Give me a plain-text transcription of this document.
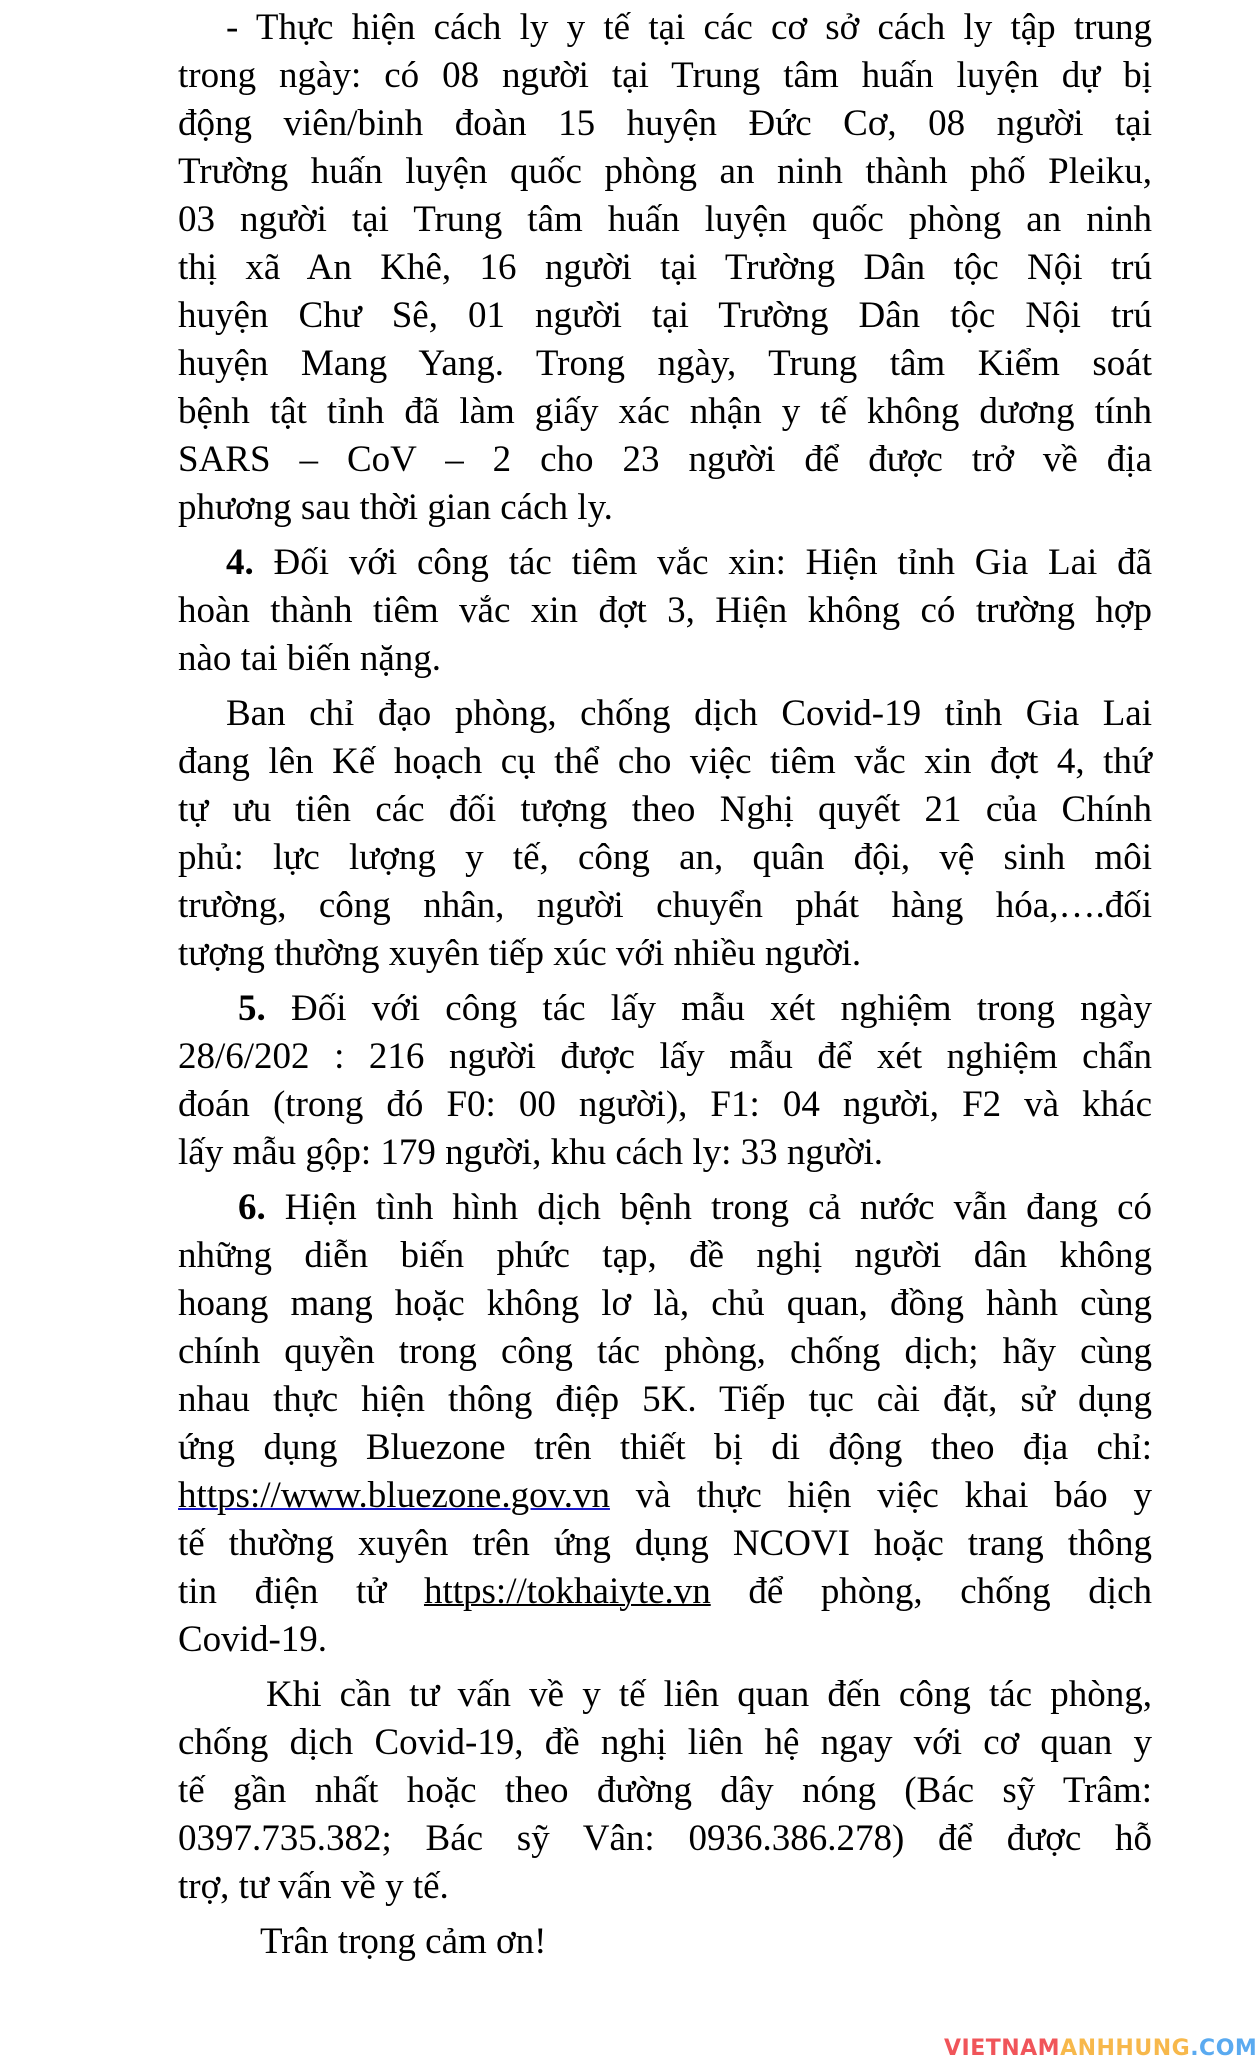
- Thực hiện cách ly y tế tại các cơ sở cách ly tập trung
trong ngày: có 08 người tại Trung tâm huấn luyện dự bị
động viên/binh đoàn 15 huyện Đức Cơ, 08 người tại
Trường huấn luyện quốc phòng an ninh thành phố Pleiku,
03 người tại Trung tâm huấn luyện quốc phòng an ninh
thị xã An Khê, 16 người tại Trường Dân tộc Nội trú
huyện Chư Sê, 01 người tại Trường Dân tộc Nội trú
huyện Mang Yang. Trong ngày, Trung tâm Kiểm soát
bệnh tật tỉnh đã làm giấy xác nhận y tế không dương tính
SARS – CoV – 2 cho 23 người để được trở về địa
phương sau thời gian cách ly.
4. Đối với công tác tiêm vắc xin: Hiện tỉnh Gia Lai đã
hoàn thành tiêm vắc xin đợt 3, Hiện không có trường hợp
nào tai biến nặng.
Ban chỉ đạo phòng, chống dịch Covid-19 tỉnh Gia Lai
đang lên Kế hoạch cụ thể cho việc tiêm vắc xin đợt 4, thứ
tự ưu tiên các đối tượng theo Nghị quyết 21 của Chính
phủ: lực lượng y tế, công an, quân đội, vệ sinh môi
trường, công nhân, người chuyển phát hàng hóa,….đối
tượng thường xuyên tiếp xúc với nhiều người.
5. Đối với công tác lấy mẫu xét nghiệm trong ngày
28/6/202 : 216 người được lấy mẫu để xét nghiệm chẩn
đoán (trong đó F0: 00 người), F1: 04 người, F2 và khác
lấy mẫu gộp: 179 người, khu cách ly: 33 người.
6. Hiện tình hình dịch bệnh trong cả nước vẫn đang có
những diễn biến phức tạp, đề nghị người dân không
hoang mang hoặc không lơ là, chủ quan, đồng hành cùng
chính quyền trong công tác phòng, chống dịch; hãy cùng
nhau thực hiện thông điệp 5K. Tiếp tục cài đặt, sử dụng
ứng dụng Bluezone trên thiết bị di động theo địa chỉ:
https://www.bluezone.gov.vn và thực hiện việc khai báo y
tế thường xuyên trên ứng dụng NCOVI hoặc trang thông
tin điện tử https://tokhaiyte.vn để phòng, chống dịch
Covid-19.
Khi cần tư vấn về y tế liên quan đến công tác phòng,
chống dịch Covid-19, đề nghị liên hệ ngay với cơ quan y
tế gần nhất hoặc theo đường dây nóng (Bác sỹ Trâm:
0397.735.382; Bác sỹ Vân: 0936.386.278) để được hỗ
trợ, tư vấn về y tế.
Trân trọng cảm ơn!
VIETNAMANHHUNG.COM
